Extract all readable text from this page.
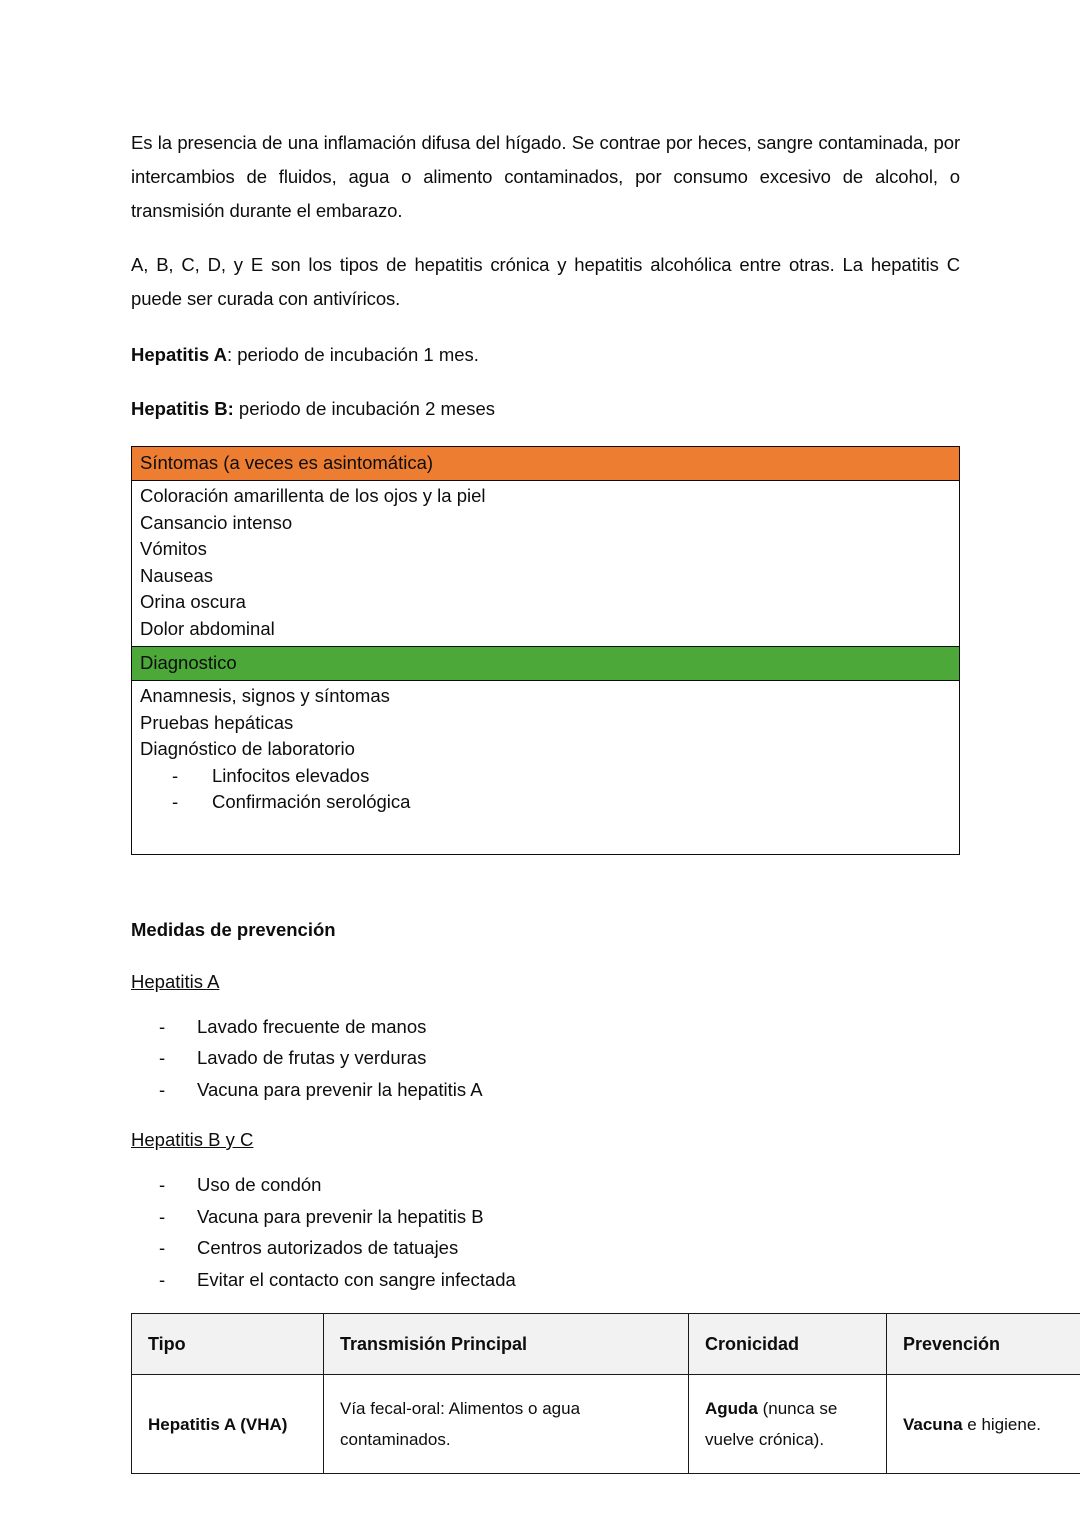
Es la presencia de una inflamación difusa del hígado. Se contrae por heces, sangre contaminada, por intercambios de fluidos, agua o alimento contaminados, por consumo excesivo de alcohol, o transmisión durante el embarazo.

A, B, C, D, y E son los tipos de hepatitis crónica y hepatitis alcohólica entre otras. La hepatitis C puede ser curada con antivíricos.

Hepatitis A: periodo de incubación 1 mes.

Hepatitis B: periodo de incubación 2 meses

Síntomas (a veces es asintomática)

Coloración amarillenta de los ojos y la piel
Cansancio intenso
Vómitos
Nauseas
Orina oscura
Dolor abdominal

Diagnostico

Anamnesis, signos y síntomas
Pruebas hepáticas
Diagnóstico de laboratorio
- Linfocitos elevados
- Confirmación serológica
Medidas de prevención

Hepatitis A

- Lavado frecuente de manos
- Lavado de frutas y verduras
- Vacuna para prevenir la hepatitis A

Hepatitis B y C

- Uso de condón
- Vacuna para prevenir la hepatitis B
- Centros autorizados de tatuajes
- Evitar el contacto con sangre infectada
Tipo	Transmisión Principal	Cronicidad	Prevención
Hepatitis A (VHA)	Vía fecal-oral: Alimentos o agua contaminados.	Aguda (nunca se vuelve crónica).	Vacuna e higiene.
